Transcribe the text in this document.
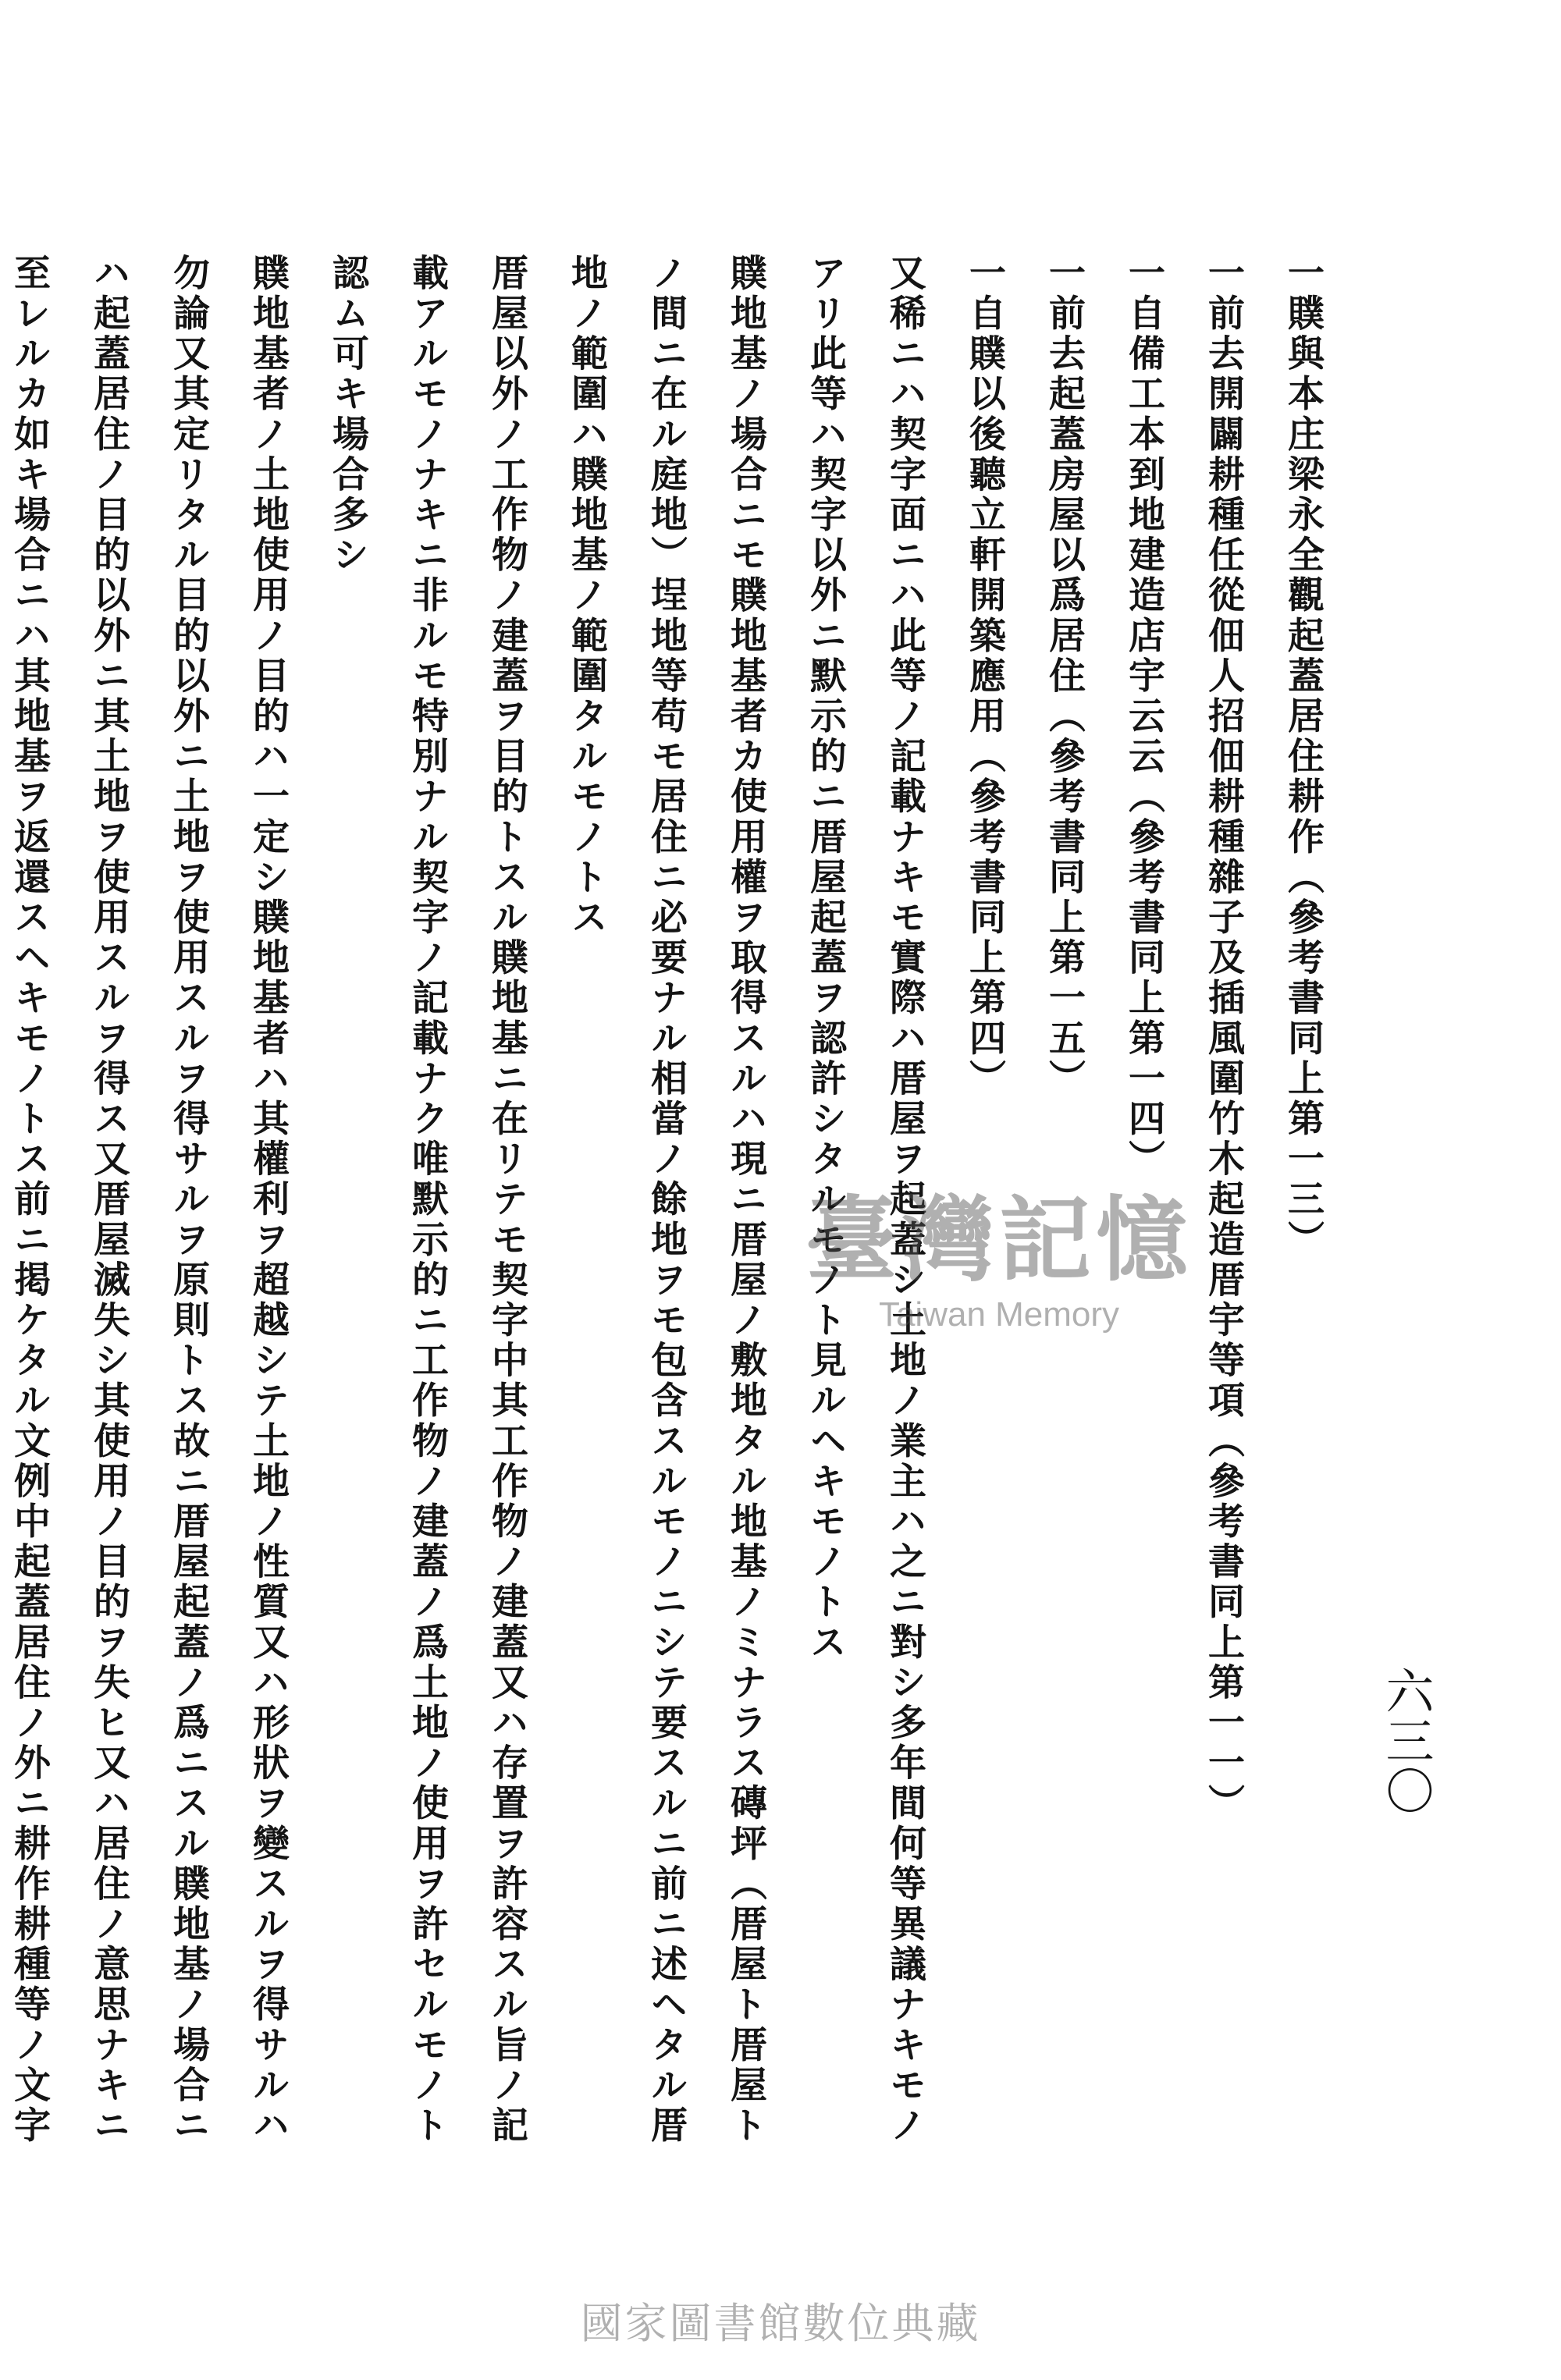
六三〇

一贌與本庄梁永全觀起蓋居住耕作（參考書同上第一三）

一前去開闢耕種任從佃人招佃耕種雜子及插風圍竹木起造厝宇等項（參考書同上第一一）

一自備工本到地建造店宇云云（參考書同上第一四）

一前去起蓋房屋以爲居住（參考書同上第一五）

一自贌以後聽立軒開築應用（參考書同上第四）

又稀ニハ契字面ニハ此等ノ記載ナキモ實際ハ厝屋ヲ起蓋シ土地ノ業主ハ之ニ對シ多年間何等異議ナキモノアリ此等ハ契字以外ニ默示的ニ厝屋起蓋ヲ認許シタルモノト見ルヘキモノトス

贌地基ノ場合ニモ贌地基者カ使用權ヲ取得スルハ現ニ厝屋ノ敷地タル地基ノミナラス磚坪（厝屋ト厝屋トノ間ニ在ル庭地）埕地等苟モ居住ニ必要ナル相當ノ餘地ヲモ包含スルモノニシテ要スルニ前ニ述ヘタル厝地ノ範圍ハ贌地基ノ範圍タルモノトス

厝屋以外ノ工作物ノ建蓋ヲ目的トスル贌地基ニ在リテモ契字中其工作物ノ建蓋又ハ存置ヲ許容スル旨ノ記載アルモノナキニ非ルモ特別ナル契字ノ記載ナク唯默示的ニ工作物ノ建蓋ノ爲土地ノ使用ヲ許セルモノト認ム可キ場合多シ

贌地基者ノ土地使用ノ目的ハ一定シ贌地基者ハ其權利ヲ超越シテ土地ノ性質又ハ形狀ヲ變スルヲ得サルハ勿論又其定リタル目的以外ニ土地ヲ使用スルヲ得サルヲ原則トス故ニ厝屋起蓋ノ爲ニスル贌地基ノ場合ニハ起蓋居住ノ目的以外ニ其土地ヲ使用スルヲ得ス又厝屋滅失シ其使用ノ目的ヲ失ヒ又ハ居住ノ意思ナキニ至レルカ如キ場合ニハ其地基ヲ返還スヘキモノトス前ニ掲ケタル文例中起蓋居住ノ外ニ耕作耕種等ノ文字

臺灣記憶
Taiwan Memory
國家圖書館數位典藏
